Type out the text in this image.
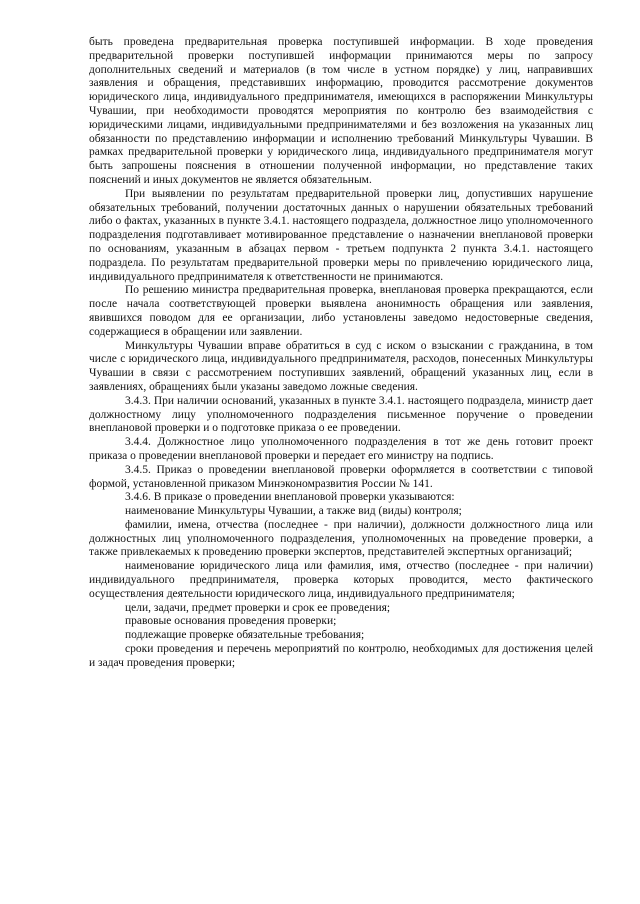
быть проведена предварительная проверка поступившей информации. В ходе проведения предварительной проверки поступившей информации принимаются меры по запросу дополнительных сведений и материалов (в том числе в устном порядке) у лиц, направивших заявления и обращения, представивших информацию, проводится рассмотрение документов юридического лица, индивидуального предпринимателя, имеющихся в распоряжении Минкультуры Чувашии, при необходимости проводятся мероприятия по контролю без взаимодействия с юридическими лицами, индивидуальными предпринимателями и без возложения на указанных лиц обязанности по представлению информации и исполнению требований Минкультуры Чувашии. В рамках предварительной проверки у юридического лица, индивидуального предпринимателя могут быть запрошены пояснения в отношении полученной информации, но представление таких пояснений и иных документов не является обязательным.

При выявлении по результатам предварительной проверки лиц, допустивших нарушение обязательных требований, получении достаточных данных о нарушении обязательных требований либо о фактах, указанных в пункте 3.4.1. настоящего подраздела, должностное лицо уполномоченного подразделения подготавливает мотивированное представление о назначении внеплановой проверки по основаниям, указанным в абзацах первом - третьем подпункта 2 пункта 3.4.1. настоящего подраздела. По результатам предварительной проверки меры по привлечению юридического лица, индивидуального предпринимателя к ответственности не принимаются.

По решению министра предварительная проверка, внеплановая проверка прекращаются, если после начала соответствующей проверки выявлена анонимность обращения или заявления, явившихся поводом для ее организации, либо установлены заведомо недостоверные сведения, содержащиеся в обращении или заявлении.

Минкультуры Чувашии вправе обратиться в суд с иском о взыскании с гражданина, в том числе с юридического лица, индивидуального предпринимателя, расходов, понесенных Минкультуры Чувашии в связи с рассмотрением поступивших заявлений, обращений указанных лиц, если в заявлениях, обращениях были указаны заведомо ложные сведения.

3.4.3. При наличии оснований, указанных в пункте 3.4.1. настоящего подраздела, министр дает должностному лицу уполномоченного подразделения письменное поручение о проведении внеплановой проверки и о подготовке приказа о ее проведении.

3.4.4. Должностное лицо уполномоченного подразделения в тот же день готовит проект приказа о проведении внеплановой проверки и передает его министру на подпись.

3.4.5. Приказ о проведении внеплановой проверки оформляется в соответствии с типовой формой, установленной приказом Минэкономразвития России № 141.

3.4.6. В приказе о проведении внеплановой проверки указываются:

наименование Минкультуры Чувашии, а также вид (виды) контроля;

фамилии, имена, отчества (последнее - при наличии), должности должностного лица или должностных лиц уполномоченного подразделения, уполномоченных на проведение проверки, а также привлекаемых к проведению проверки экспертов, представителей экспертных организаций;

наименование юридического лица или фамилия, имя, отчество (последнее - при наличии) индивидуального предпринимателя, проверка которых проводится, место фактического осуществления деятельности юридического лица, индивидуального предпринимателя;

цели, задачи, предмет проверки и срок ее проведения;

правовые основания проведения проверки;

подлежащие проверке обязательные требования;

сроки проведения и перечень мероприятий по контролю, необходимых для достижения целей и задач проведения проверки;
